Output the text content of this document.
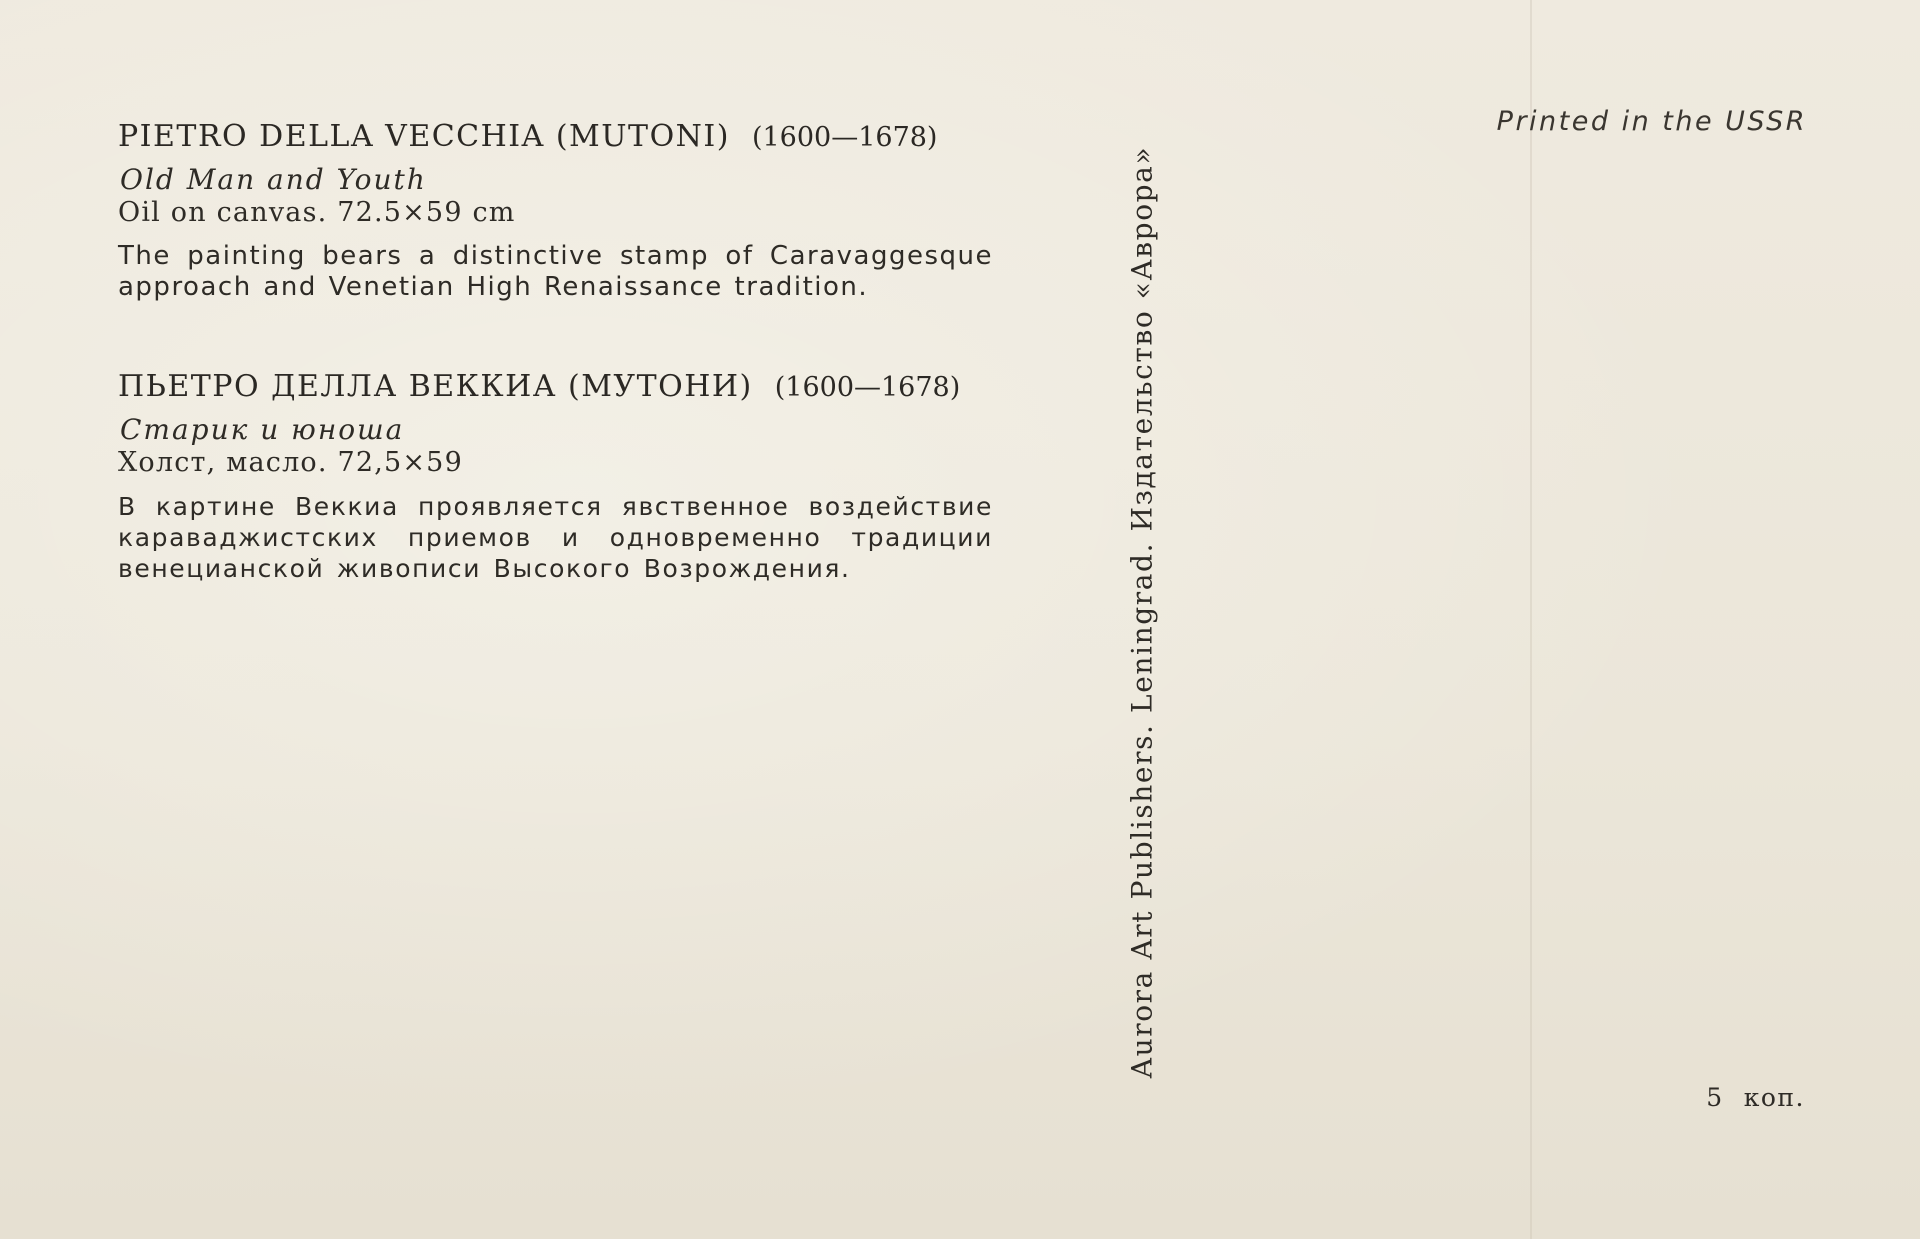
PIETRO DELLA VECCHIA (MUTONI) (1600—1678)
Old Man and Youth
Oil on canvas. 72.5×59 cm
The painting bears a distinctive stamp of Caravaggesque approach and Venetian High Renaissance tradition.
ПЬЕТРО ДЕЛЛА ВЕККИА (МУТОНИ) (1600—1678)
Старик и юноша
Холст, масло. 72,5×59
В картине Веккиа проявляется явственное воздействие караваджистских приемов и одновременно традиции венецианской живописи Высокого Возрождения.	Aurora Art Publishers. Leningrad. Издательство «Аврора»
Printed in the USSR
5 коп.
